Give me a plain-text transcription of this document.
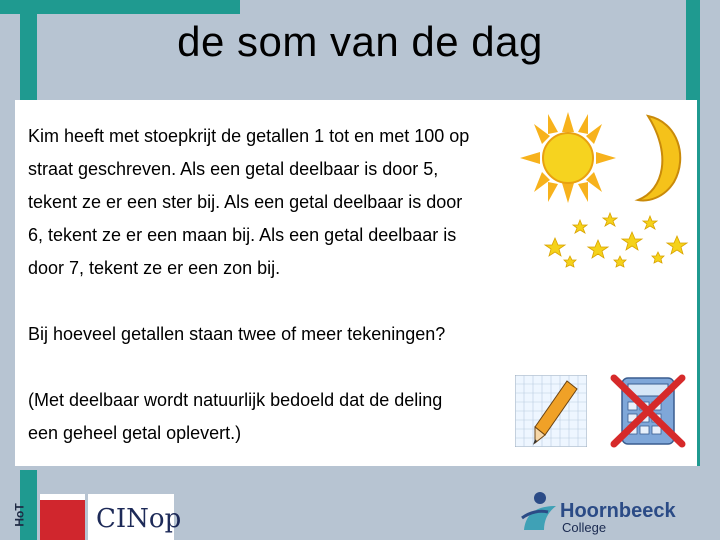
de som van de dag

Kim heeft met stoepkrijt de getallen 1 tot en met 100 op

straat geschreven. Als een getal deelbaar is door 5,

tekent ze er een ster bij. Als een getal deelbaar is door

6, tekent ze er een maan bij. Als een getal deelbaar is

door 7, tekent ze er een zon bij.

Bij hoeveel getallen staan twee of meer tekeningen?

(Met deelbaar wordt natuurlijk bedoeld dat de deling

een geheel getal oplevert.)

HoT	CINop	Hoornbeeck
College
